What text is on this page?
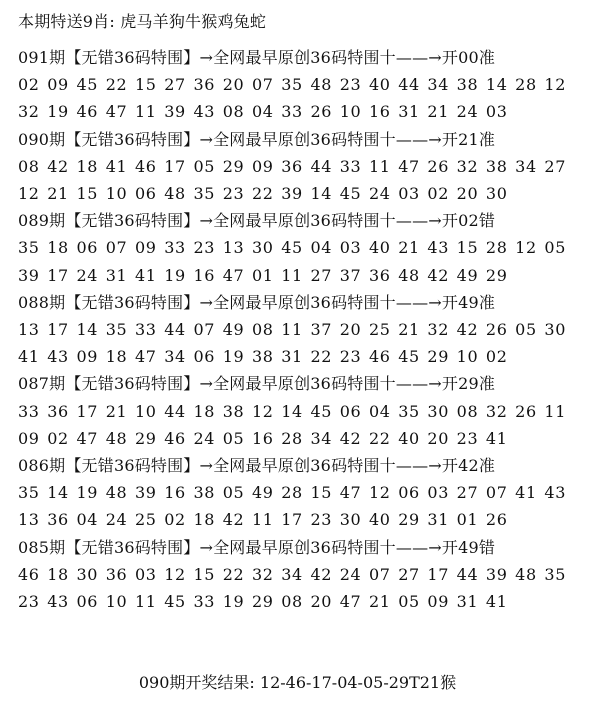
本期特送9肖: 虎马羊狗牛猴鸡兔蛇
091期【无错36码特围】→全网最早原创36码特围十——→开00准
02 09 45 22 15 27 36 20 07 35 48 23 40 44 34 38 14 28 12
32 19 46 47 11 39 43 08 04 33 26 10 16 31 21 24 03
090期【无错36码特围】→全网最早原创36码特围十——→开21准
08 42 18 41 46 17 05 29 09 36 44 33 11 47 26 32 38 34 27
12 21 15 10 06 48 35 23 22 39 14 45 24 03 02 20 30
089期【无错36码特围】→全网最早原创36码特围十——→开02错
35 18 06 07 09 33 23 13 30 45 04 03 40 21 43 15 28 12 05
39 17 24 31 41 19 16 47 01 11 27 37 36 48 42 49 29
088期【无错36码特围】→全网最早原创36码特围十——→开49准
13 17 14 35 33 44 07 49 08 11 37 20 25 21 32 42 26 05 30
41 43 09 18 47 34 06 19 38 31 22 23 46 45 29 10 02
087期【无错36码特围】→全网最早原创36码特围十——→开29准
33 36 17 21 10 44 18 38 12 14 45 06 04 35 30 08 32 26 11
09 02 47 48 29 46 24 05 16 28 34 42 22 40 20 23 41
086期【无错36码特围】→全网最早原创36码特围十——→开42准
35 14 19 48 39 16 38 05 49 28 15 47 12 06 03 27 07 41 43
13 36 04 24 25 02 18 42 11 17 23 30 40 29 31 01 26
085期【无错36码特围】→全网最早原创36码特围十——→开49错
46 18 30 36 03 12 15 22 32 34 42 24 07 27 17 44 39 48 35
23 43 06 10 11 45 33 19 29 08 20 47 21 05 09 31 41
090期开奖结果: 12-46-17-04-05-29T21猴
